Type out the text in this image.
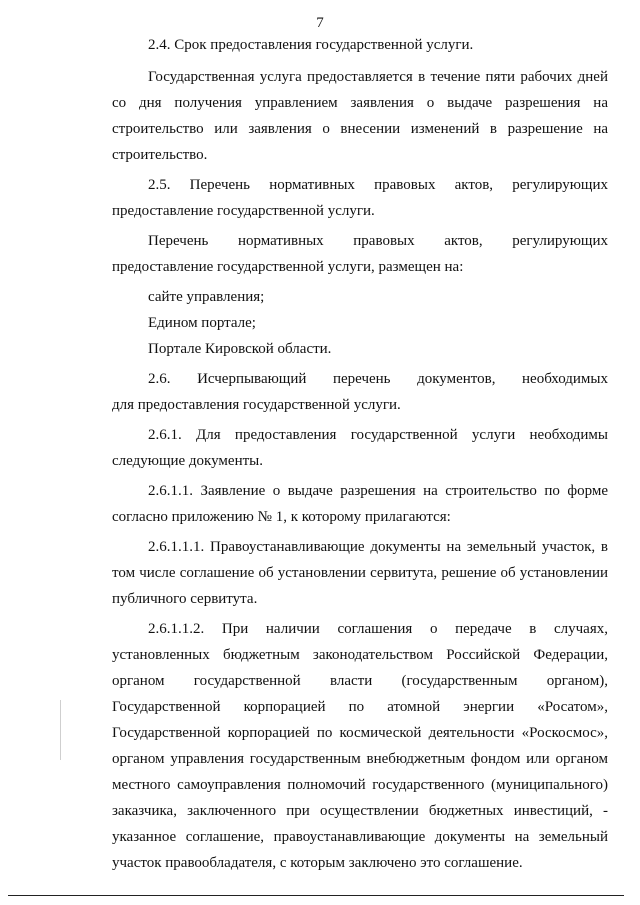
7

2.4. Срок предоставления государственной услуги.

Государственная услуга предоставляется в течение пяти рабочих дней
со дня получения управлением заявления о выдаче разрешения на
строительство или заявления о внесении изменений в разрешение на
строительство.
2.5. Перечень нормативных правовых актов, регулирующих
предоставление государственной услуги.
Перечень нормативных правовых актов, регулирующих
предоставление государственной услуги, размещен на:

сайте управления;

Едином портале;

Портале Кировской области.

2.6. Исчерпывающий перечень документов, необходимых
для предоставления государственной услуги.
2.6.1. Для предоставления государственной услуги необходимы
следующие документы.
2.6.1.1. Заявление о выдаче разрешения на строительство по форме
согласно приложению № 1, к которому прилагаются:
2.6.1.1.1. Правоустанавливающие документы на земельный участок, в
том числе соглашение об установлении сервитута, решение об установлении
публичного сервитута.
2.6.1.1.2. При наличии соглашения о передаче в случаях,
установленных бюджетным законодательством Российской Федерации,
органом государственной власти (государственным органом),
Государственной корпорацией по атомной энергии «Росатом»,
Государственной корпорацией по космической деятельности «Роскосмос»,
органом управления государственным внебюджетным фондом или органом
местного самоуправления полномочий государственного (муниципального)
заказчика, заключенного при осуществлении бюджетных инвестиций, -
указанное соглашение, правоустанавливающие документы на земельный
участок правообладателя, с которым заключено это соглашение.
